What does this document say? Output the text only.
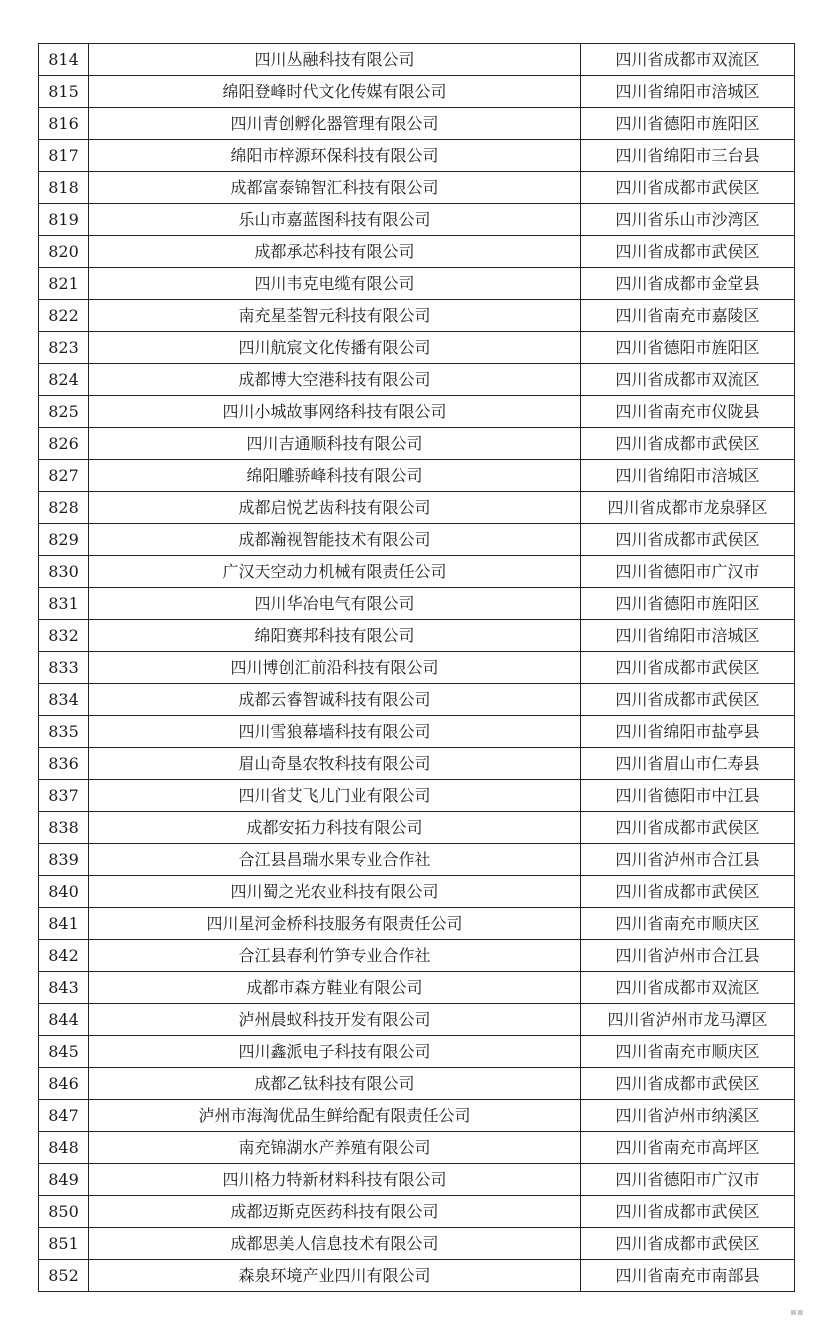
814	四川丛融科技有限公司	四川省成都市双流区
815	绵阳登峰时代文化传媒有限公司	四川省绵阳市涪城区
816	四川青创孵化器管理有限公司	四川省德阳市旌阳区
817	绵阳市梓源环保科技有限公司	四川省绵阳市三台县
818	成都富泰锦智汇科技有限公司	四川省成都市武侯区
819	乐山市嘉蓝图科技有限公司	四川省乐山市沙湾区
820	成都承芯科技有限公司	四川省成都市武侯区
821	四川韦克电缆有限公司	四川省成都市金堂县
822	南充星荃智元科技有限公司	四川省南充市嘉陵区
823	四川航宸文化传播有限公司	四川省德阳市旌阳区
824	成都博大空港科技有限公司	四川省成都市双流区
825	四川小城故事网络科技有限公司	四川省南充市仪陇县
826	四川吉通顺科技有限公司	四川省成都市武侯区
827	绵阳雕骄峰科技有限公司	四川省绵阳市涪城区
828	成都启悦艺齿科技有限公司	四川省成都市龙泉驿区
829	成都瀚视智能技术有限公司	四川省成都市武侯区
830	广汉天空动力机械有限责任公司	四川省德阳市广汉市
831	四川华冶电气有限公司	四川省德阳市旌阳区
832	绵阳赛邦科技有限公司	四川省绵阳市涪城区
833	四川博创汇前沿科技有限公司	四川省成都市武侯区
834	成都云睿智诚科技有限公司	四川省成都市武侯区
835	四川雪狼幕墙科技有限公司	四川省绵阳市盐亭县
836	眉山奇垦农牧科技有限公司	四川省眉山市仁寿县
837	四川省艾飞儿门业有限公司	四川省德阳市中江县
838	成都安拓力科技有限公司	四川省成都市武侯区
839	合江县昌瑞水果专业合作社	四川省泸州市合江县
840	四川蜀之光农业科技有限公司	四川省成都市武侯区
841	四川星河金桥科技服务有限责任公司	四川省南充市顺庆区
842	合江县春利竹笋专业合作社	四川省泸州市合江县
843	成都市森方鞋业有限公司	四川省成都市双流区
844	泸州晨蚁科技开发有限公司	四川省泸州市龙马潭区
845	四川鑫派电子科技有限公司	四川省南充市顺庆区
846	成都乙钛科技有限公司	四川省成都市武侯区
847	泸州市海淘优品生鲜给配有限责任公司	四川省泸州市纳溪区
848	南充锦湖水产养殖有限公司	四川省南充市高坪区
849	四川格力特新材料科技有限公司	四川省德阳市广汉市
850	成都迈斯克医药科技有限公司	四川省成都市武侯区
851	成都思美人信息技术有限公司	四川省成都市武侯区
852	森泉环境产业四川有限公司	四川省南充市南部县
▪▪
